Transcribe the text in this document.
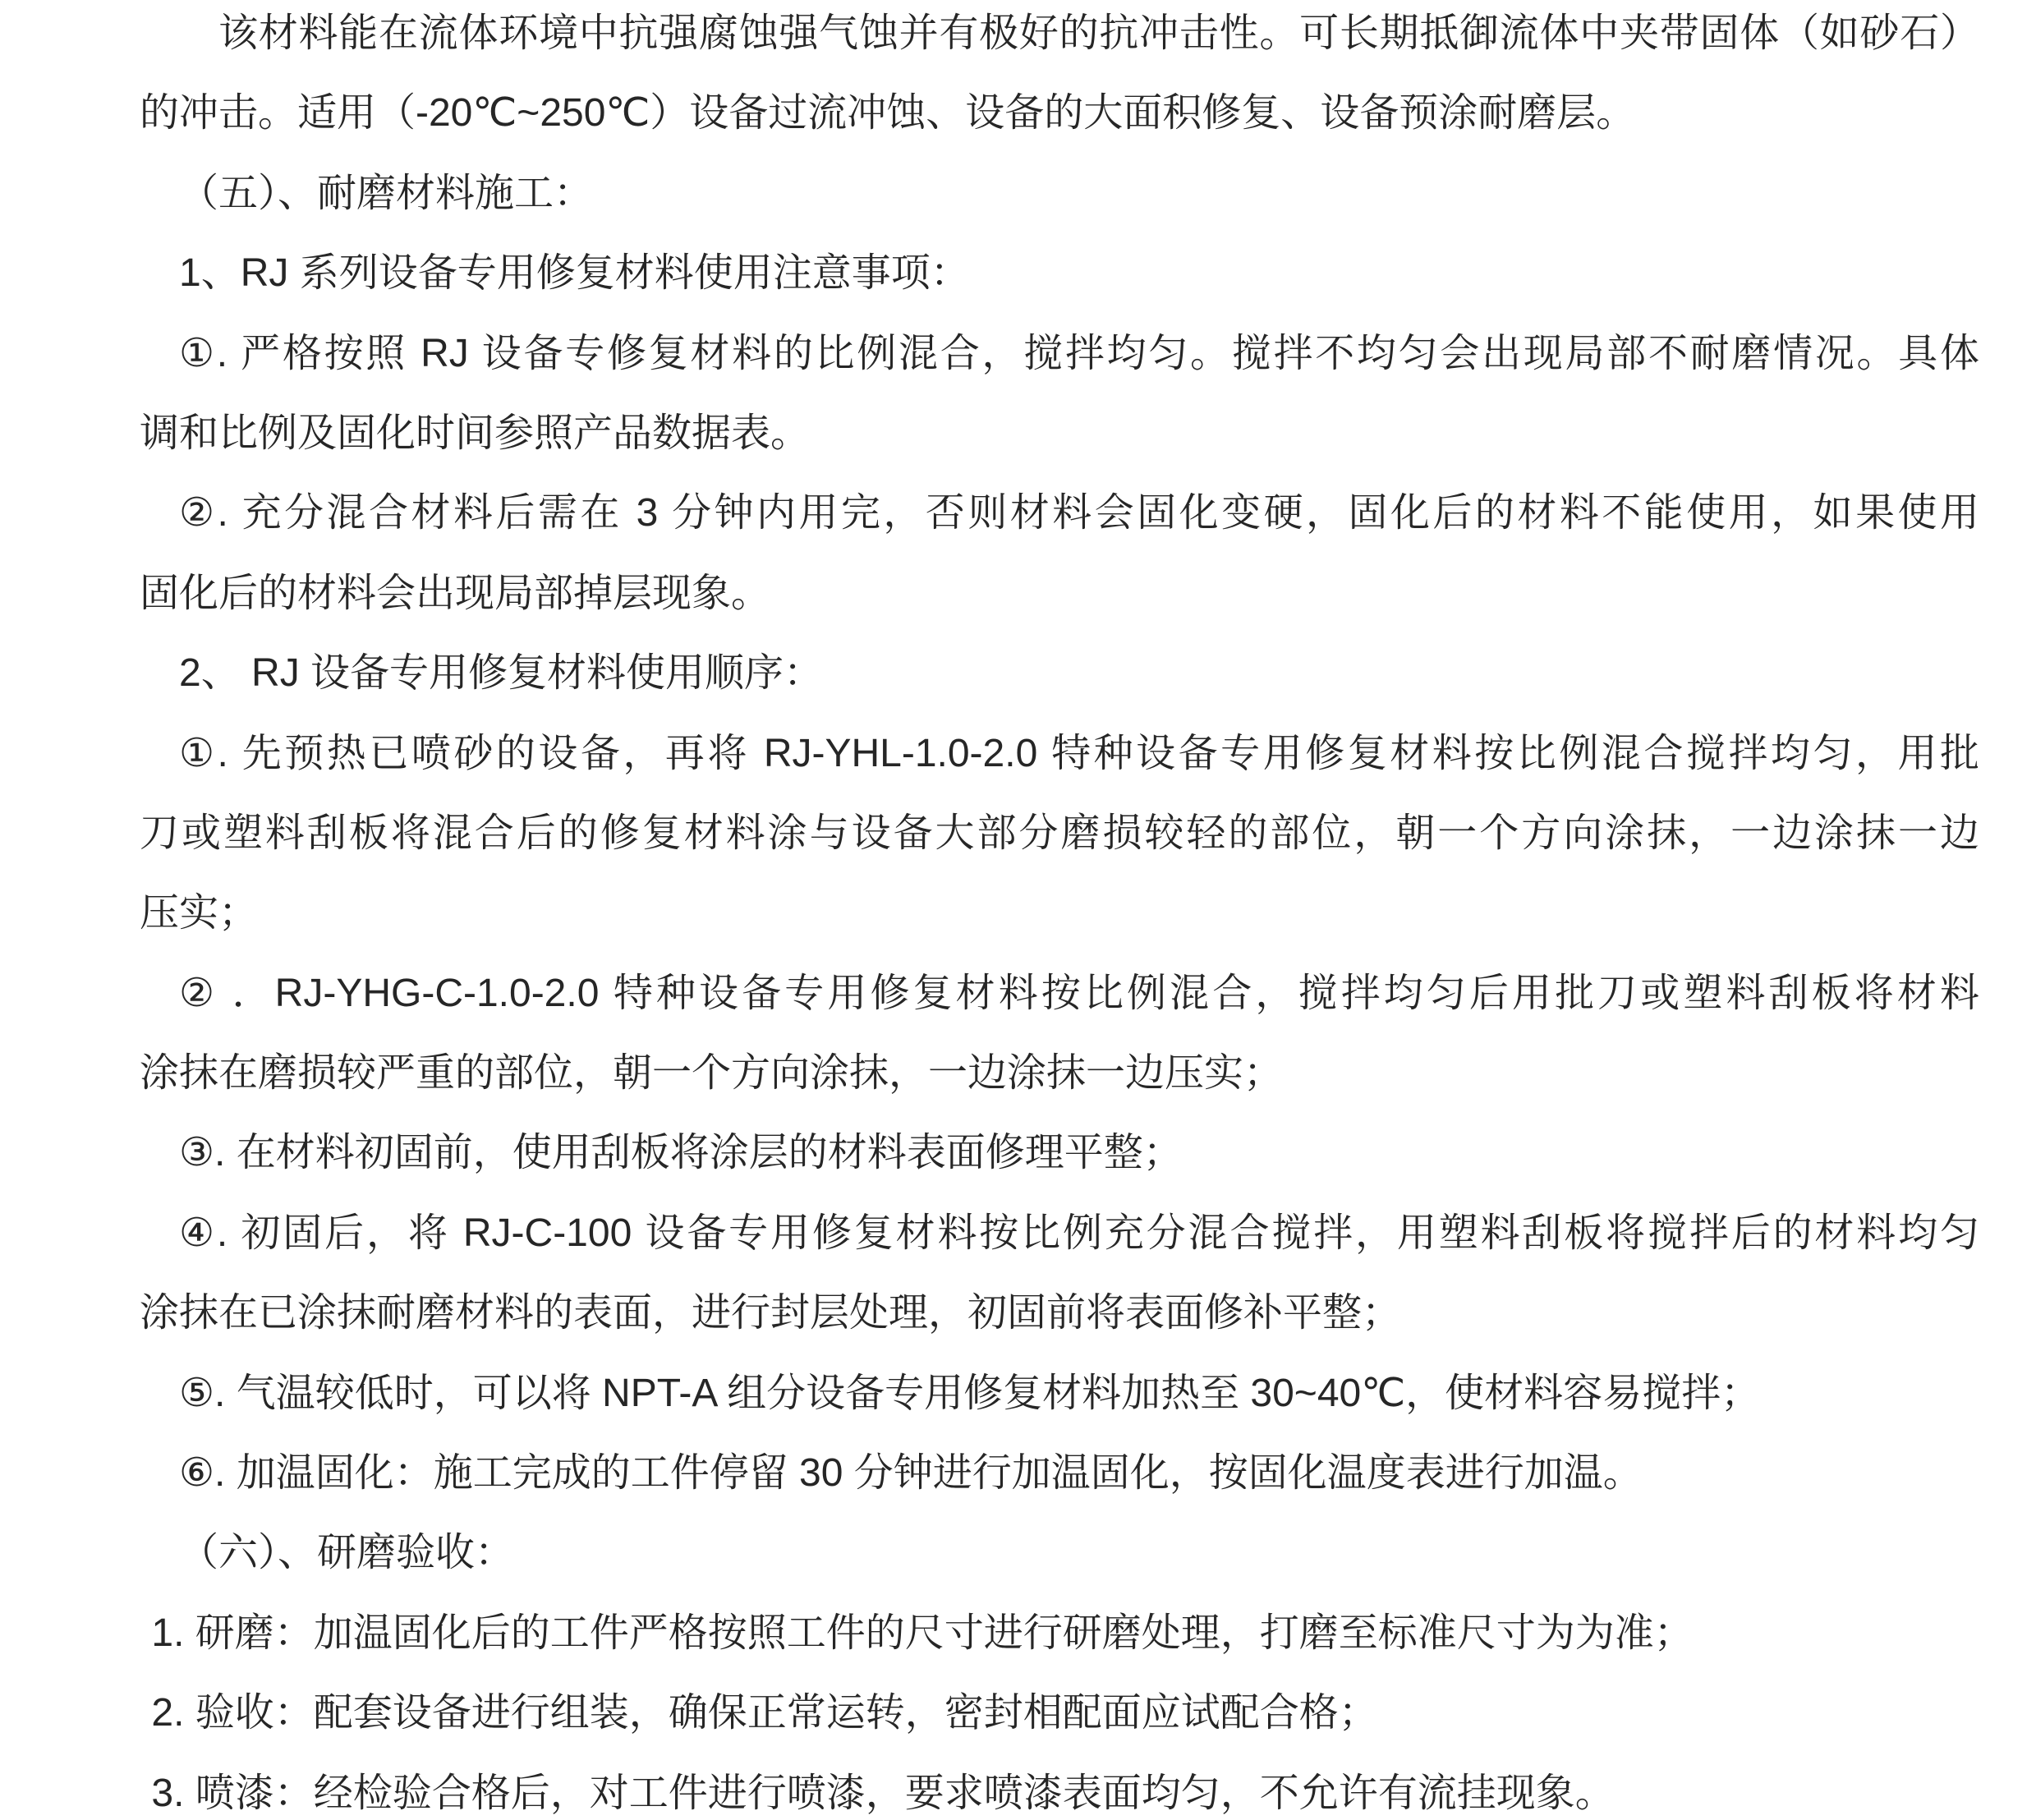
该材料能在流体环境中抗强腐蚀强气蚀并有极好的抗冲击性。可长期抵御流体中夹带固体（如砂石）
的冲击。适用（-20℃~250℃）设备过流冲蚀、设备的大面积修复、设备预涂耐磨层。
（五）、耐磨材料施工：
1、RJ 系列设备专用修复材料使用注意事项：
①. 严格按照 RJ 设备专修复材料的比例混合，搅拌均匀。搅拌不均匀会出现局部不耐磨情况。具体
调和比例及固化时间参照产品数据表。
②. 充分混合材料后需在 3 分钟内用完，否则材料会固化变硬，固化后的材料不能使用，如果使用
固化后的材料会出现局部掉层现象。
2、 RJ 设备专用修复材料使用顺序：
①. 先预热已喷砂的设备，再将 RJ-YHL-1.0-2.0 特种设备专用修复材料按比例混合搅拌均匀，用批
刀或塑料刮板将混合后的修复材料涂与设备大部分磨损较轻的部位，朝一个方向涂抹，一边涂抹一边
压实；
② ．RJ-YHG-C-1.0-2.0 特种设备专用修复材料按比例混合，搅拌均匀后用批刀或塑料刮板将材料
涂抹在磨损较严重的部位，朝一个方向涂抹，一边涂抹一边压实；
③. 在材料初固前，使用刮板将涂层的材料表面修理平整；
④. 初固后，将 RJ-C-100 设备专用修复材料按比例充分混合搅拌，用塑料刮板将搅拌后的材料均匀
涂抹在已涂抹耐磨材料的表面，进行封层处理，初固前将表面修补平整；
⑤. 气温较低时，可以将 NPT-A 组分设备专用修复材料加热至 30~40℃，使材料容易搅拌；
⑥. 加温固化：施工完成的工件停留 30 分钟进行加温固化，按固化温度表进行加温。
（六）、研磨验收：
1. 研磨：加温固化后的工件严格按照工件的尺寸进行研磨处理，打磨至标准尺寸为为准；
2. 验收：配套设备进行组装，确保正常运转，密封相配面应试配合格；
3. 喷漆：经检验合格后，对工件进行喷漆，要求喷漆表面均匀，不允许有流挂现象。
